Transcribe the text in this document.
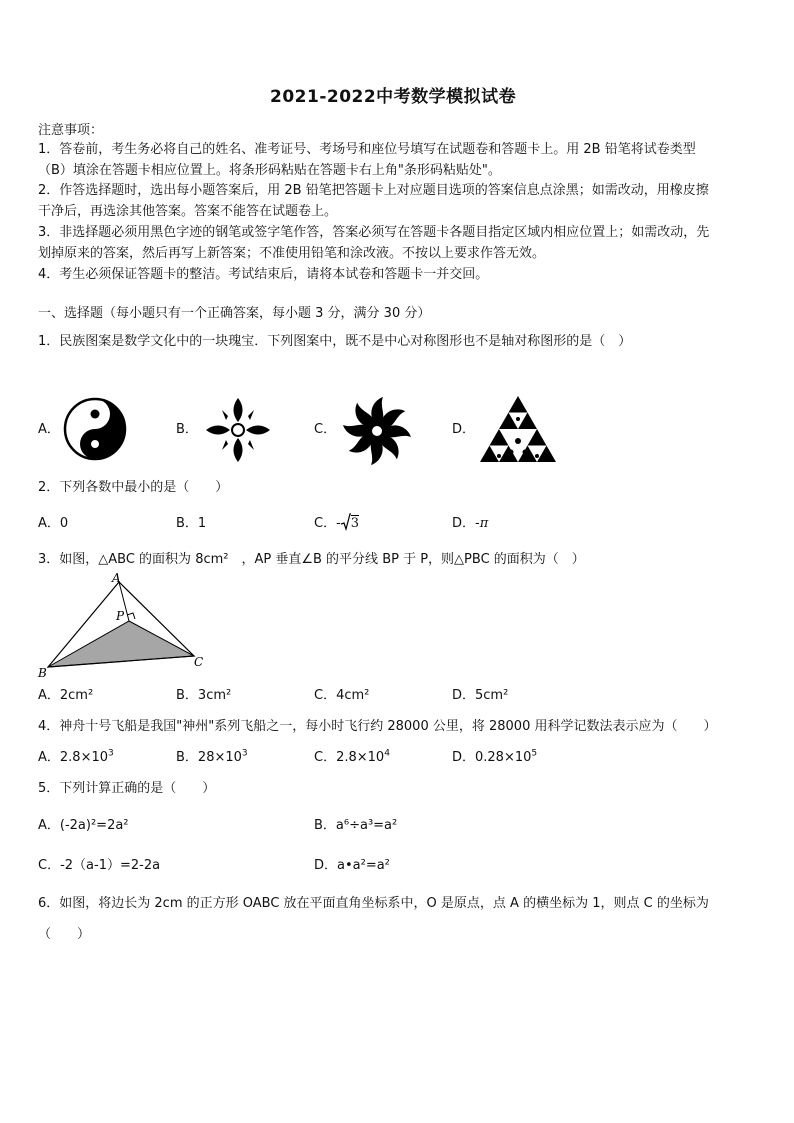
2021-2022中考数学模拟试卷
注意事项：
1．答卷前，考生务必将自己的姓名、准考证号、考场号和座位号填写在试题卷和答题卡上。用 2B 铅笔将试卷类型
（B）填涂在答题卡相应位置上。将条形码粘贴在答题卡右上角"条形码粘贴处"。
2．作答选择题时，选出每小题答案后，用 2B 铅笔把答题卡上对应题目选项的答案信息点涂黑；如需改动，用橡皮擦
干净后，再选涂其他答案。答案不能答在试题卷上。
3．非选择题必须用黑色字迹的钢笔或签字笔作答，答案必须写在答题卡各题目指定区域内相应位置上；如需改动，先
划掉原来的答案，然后再写上新答案；不准使用铅笔和涂改液。不按以上要求作答无效。
4．考生必须保证答题卡的整洁。考试结束后，请将本试卷和答题卡一并交回。
一、选择题（每小题只有一个正确答案，每小题 3 分，满分 30 分）
1．民族图案是数学文化中的一块瑰宝．下列图案中，既不是中心对称图形也不是轴对称图形的是（　）
A．	B．	C．	D．
2．下列各数中最小的是（　　）
A．0	B．1	C．- 3	D．-π
3．如图，△ABC 的面积为 8cm²　，AP 垂直∠B 的平分线 BP 于 P，则△PBC 的面积为（　）
A
B
C
P
A．2cm²	B．3cm²	C．4cm²	D．5cm²
4．神舟十号飞船是我国"神州"系列飞船之一，每小时飞行约 28000 公里，将 28000 用科学记数法表示应为（　　）
A．$2.8\times 10^3$	B．$28\times 10^3$	C．$2.8\times 10^4$	D．$0.28\times 10^5$
5．下列计算正确的是（　　）
A．(-2a)²=2a²	B．a⁶÷a³=a²
C．-2（a-1）=2-2a	D．a•a²=a²
6．如图，将边长为 2cm 的正方形 OABC 放在平面直角坐标系中，O 是原点，点 A 的横坐标为 1，则点 C 的坐标为
（　　）
